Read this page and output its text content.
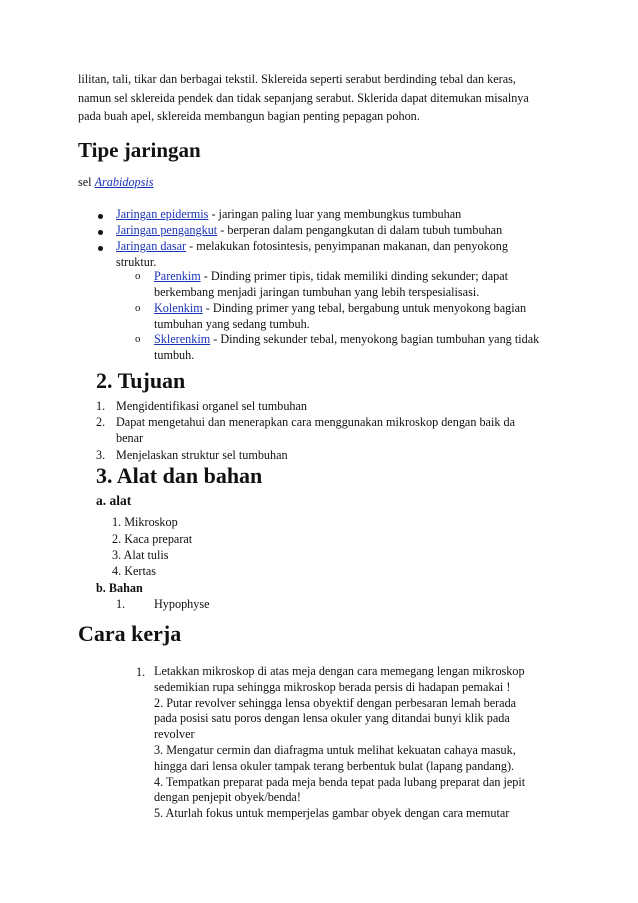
lilitan, tali, tikar dan berbagai tekstil. Sklereida seperti serabut berdinding tebal dan keras,
namun sel sklereida pendek dan tidak sepanjang serabut. Sklerida dapat ditemukan misalnya
pada buah apel, sklereida membangun bagian penting pepagan pohon.
Tipe jaringan
sel Arabidopsis
Jaringan epidermis - jaringan paling luar yang membungkus tumbuhan
Jaringan pengangkut - berperan dalam pengangkutan di dalam tubuh tumbuhan
Jaringan dasar - melakukan fotosintesis, penyimpanan makanan, dan penyokong
struktur.
o Parenkim - Dinding primer tipis, tidak memiliki dinding sekunder; dapat
berkembang menjadi jaringan tumbuhan yang lebih terspesialisasi.
o Kolenkim - Dinding primer yang tebal, bergabung untuk menyokong bagian
tumbuhan yang sedang tumbuh.
o Sklerenkim - Dinding sekunder tebal, menyokong bagian tumbuhan yang tidak
tumbuh.
2. Tujuan
1. Mengidentifikasi organel sel tumbuhan
2. Dapat mengetahui dan menerapkan cara menggunakan mikroskop dengan baik da
benar
3. Menjelaskan struktur sel tumbuhan
3. Alat dan bahan
a. alat
1. Mikroskop
2. Kaca preparat
3. Alat tulis
4. Kertas
b. Bahan
1. Hypophyse
Cara kerja
1. Letakkan mikroskop di atas meja dengan cara memegang lengan mikroskop
sedemikian rupa sehingga mikroskop berada persis di hadapan pemakai !
2. Putar revolver sehingga lensa obyektif dengan perbesaran lemah berada
pada posisi satu poros dengan lensa okuler yang ditandai bunyi klik pada
revolver
3. Mengatur cermin dan diafragma untuk melihat kekuatan cahaya masuk,
hingga dari lensa okuler tampak terang berbentuk bulat (lapang pandang).
4. Tempatkan preparat pada meja benda tepat pada lubang preparat dan jepit
dengan penjepit obyek/benda!
5. Aturlah fokus untuk memperjelas gambar obyek dengan cara memutar
